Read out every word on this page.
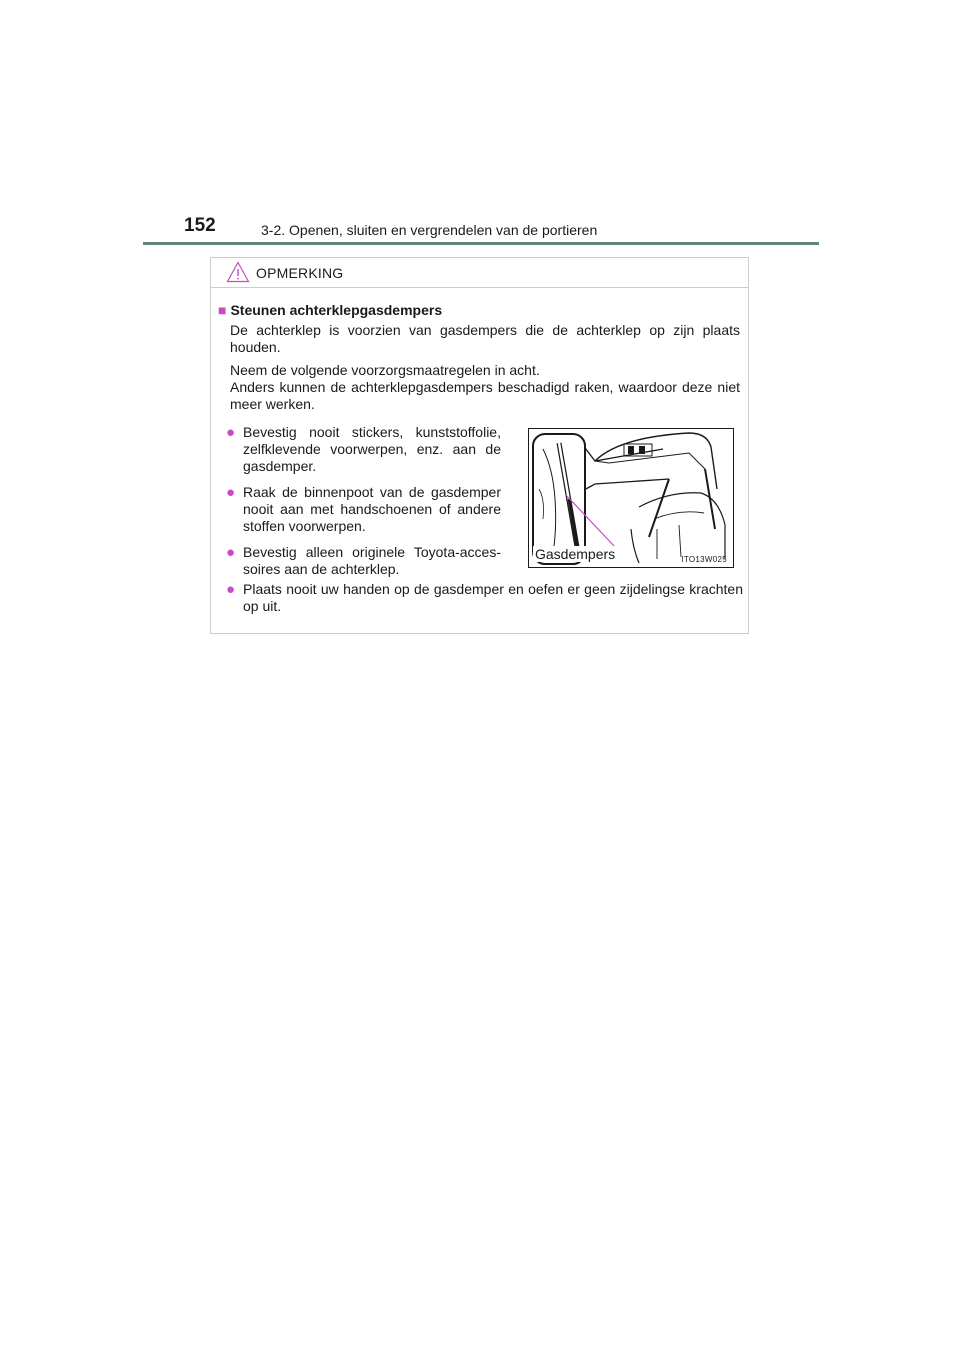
152	3-2. Openen, sluiten en vergrendelen van de portieren
OPMERKING
■ Steunen achterklepgasdempers
De achterklep is voorzien van gasdempers die de achterklep op zijn plaats houden.
Neem de volgende voorzorgsmaatregelen in acht.
Anders kunnen de achterklepgasdempers beschadigd raken, waardoor deze niet meer werken.
● Bevestig nooit stickers, kunststoffolie, zelfklevende voorwerpen, enz. aan de gasdemper.
● Raak de binnenpoot van de gasdemper nooit aan met handschoenen of andere stoffen voorwerpen.
● Bevestig alleen originele Toyota-acces-soires aan de achterklep.
● Plaats nooit uw handen op de gasdemper en oefen er geen zijdelingse krachten op uit.
Gasdempers	ITO13W025
